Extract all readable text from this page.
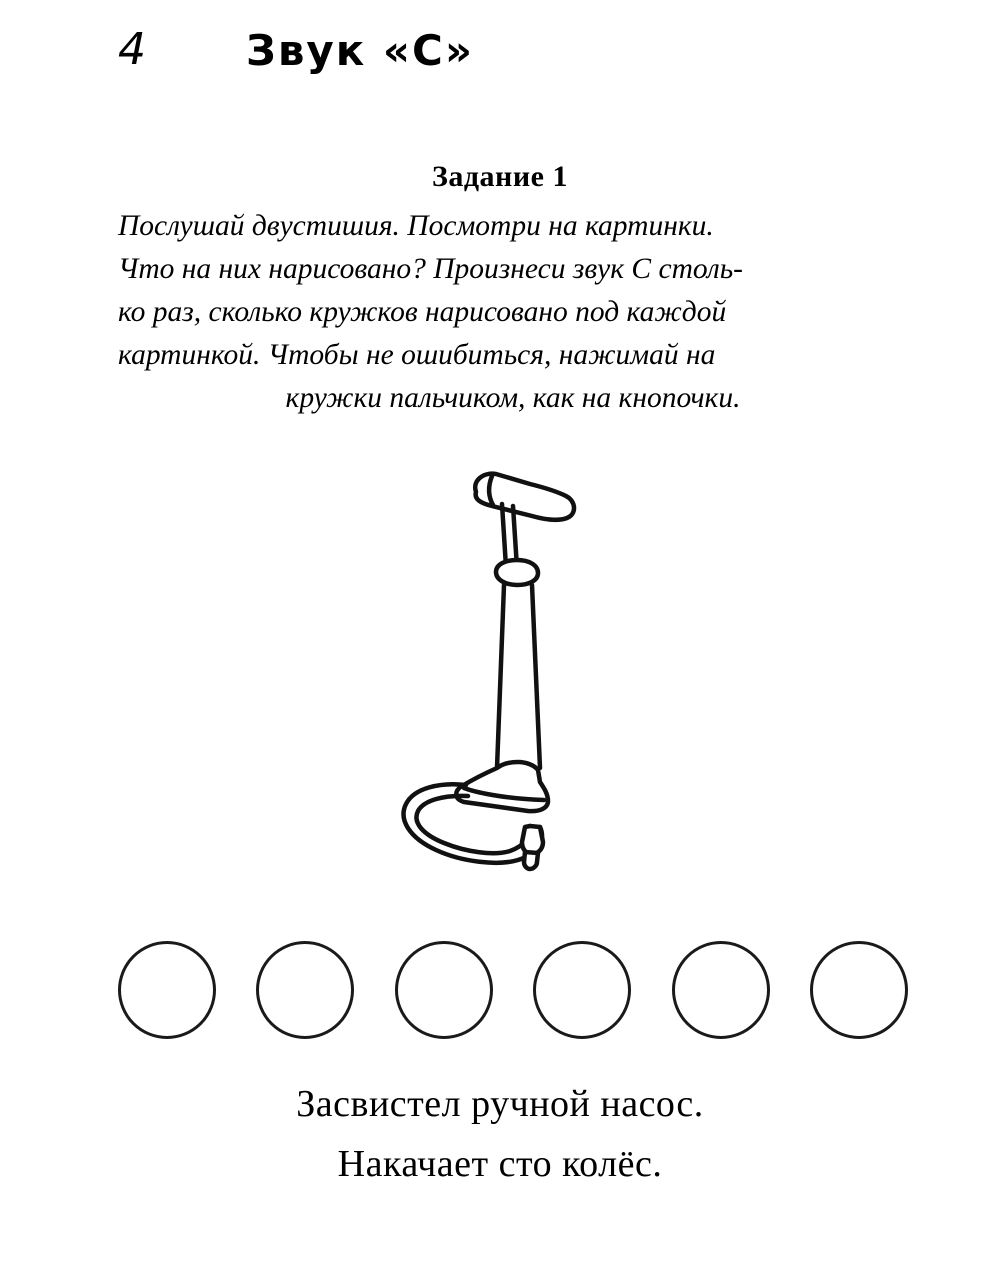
4 Звук «С»
Задание 1
Послушай двустишия. Посмотри на картинки.
Что на них нарисовано? Произнеси звук С столь-
ко раз, сколько кружков нарисовано под каждой
картинкой. Чтобы не ошибиться, нажимай на
кружки пальчиком, как на кнопочки.
Засвистел ручной насос.
Накачает сто колёс.
